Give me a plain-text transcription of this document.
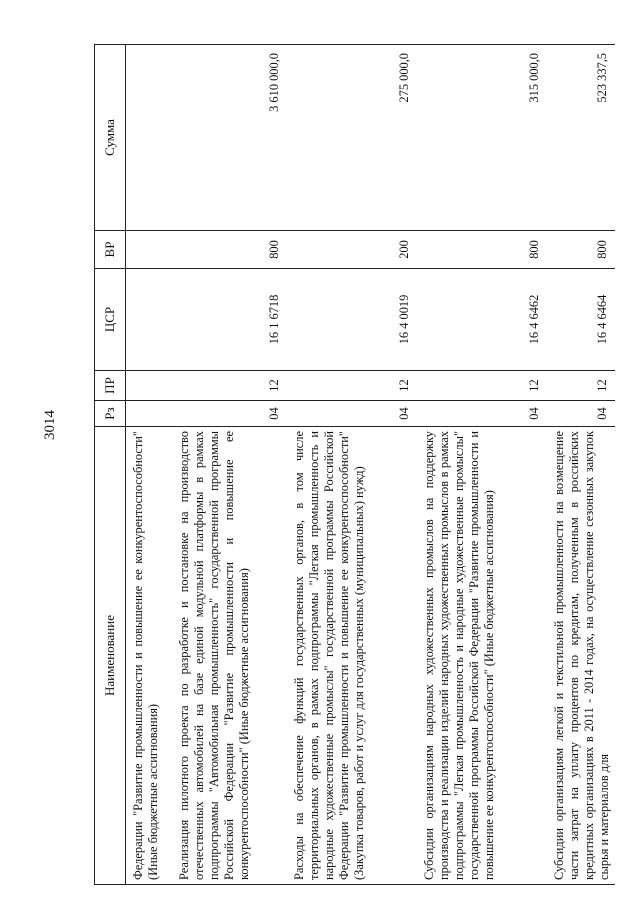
3014
Наименование	Рз	ПР	ЦСР	ВР	Сумма
Федерации "Развитие промышленности и повышение ее конкурентоспособности" (Иные бюджетные ассигнования)					
Реализация пилотного проекта по разработке и постановке на производство отечественных автомобилей на базе единой модульной платформы в рамках подпрограммы "Автомобильная промышленность" государственной программы Российской Федерации "Развитие промышленности и повышение ее конкурентоспособности" (Иные бюджетные ассигнования)	04	12	16 1 6718	800	3 610 000,0
Расходы на обеспечение функций государственных органов, в том числе территориальных органов, в рамках подпрограммы "Легкая промышленность и народные художественные промыслы" государственной программы Российской Федерации "Развитие промышленности и повышение ее конкурентоспособности" (Закупка товаров, работ и услуг для государственных (муниципальных) нужд)	04	12	16 4 0019	200	275 000,0
Субсидии организациям народных художественных промыслов на поддержку производства и реализации изделий народных художественных промыслов в рамках подпрограммы "Легкая промышленность и народные художественные промыслы" государственной программы Российской Федерации "Развитие промышленности и повышение ее конкурентоспособности" (Иные бюджетные ассигнования)	04	12	16 4 6462	800	315 000,0
Субсидии организациям легкой и текстильной промышленности на возмещение части затрат на уплату процентов по кредитам, полученным в российских кредитных организациях в 2011 - 2014 годах, на осуществление сезонных закупок сырья и материалов для	04	12	16 4 6464	800	523 337,5
